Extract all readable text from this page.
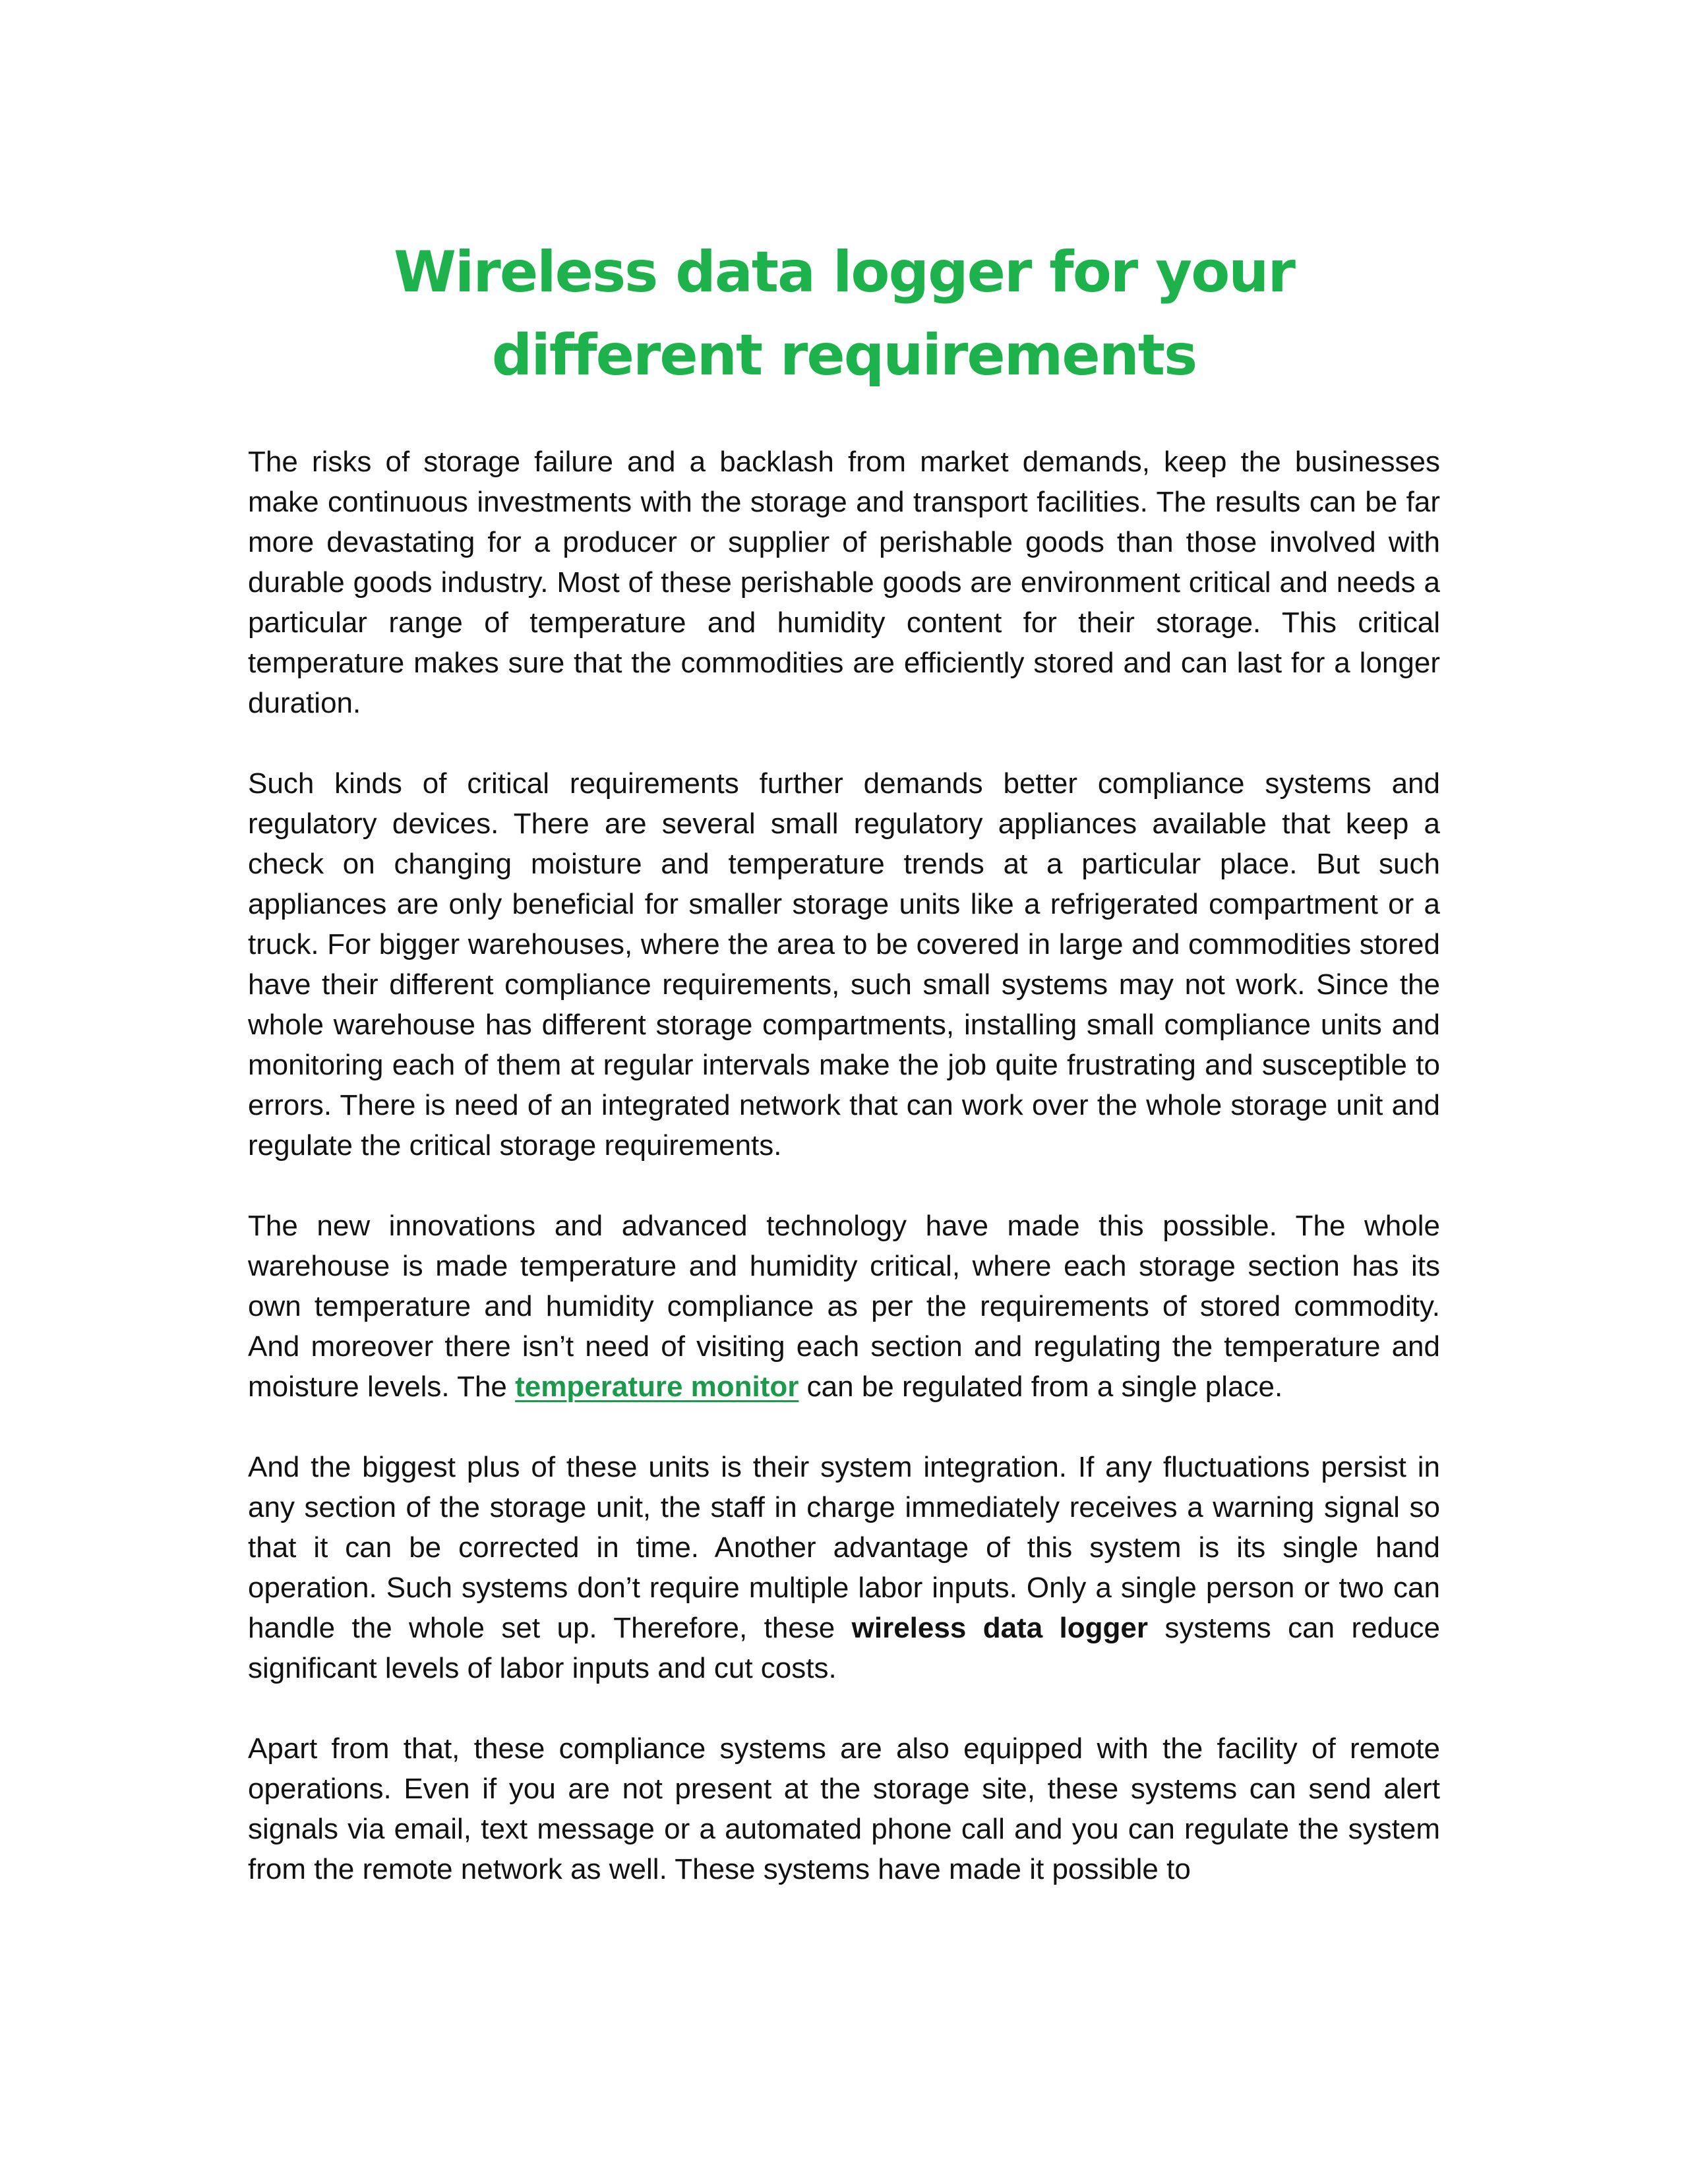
Wireless data logger for your different requirements

The risks of storage failure and a backlash from market demands, keep the businesses make continuous investments with the storage and transport facilities. The results can be far more devastating for a producer or supplier of perishable goods than those involved with durable goods industry. Most of these perishable goods are environment critical and needs a particular range of temperature and humidity content for their storage. This critical temperature makes sure that the commodities are efficiently stored and can last for a longer duration.

Such kinds of critical requirements further demands better compliance systems and regulatory devices. There are several small regulatory appliances available that keep a check on changing moisture and temperature trends at a particular place. But such appliances are only beneficial for smaller storage units like a refrigerated compartment or a truck. For bigger warehouses, where the area to be covered in large and commodities stored have their different compliance requirements, such small systems may not work. Since the whole warehouse has different storage compartments, installing small compliance units and monitoring each of them at regular intervals make the job quite frustrating and susceptible to errors. There is need of an integrated network that can work over the whole storage unit and regulate the critical storage requirements.

The new innovations and advanced technology have made this possible. The whole warehouse is made temperature and humidity critical, where each storage section has its own temperature and humidity compliance as per the requirements of stored commodity. And moreover there isn’t need of visiting each section and regulating the temperature and moisture levels. The temperature monitor can be regulated from a single place.

And the biggest plus of these units is their system integration. If any fluctuations persist in any section of the storage unit, the staff in charge immediately receives a warning signal so that it can be corrected in time. Another advantage of this system is its single hand operation. Such systems don’t require multiple labor inputs. Only a single person or two can handle the whole set up. Therefore, these wireless data logger systems can reduce significant levels of labor inputs and cut costs.

Apart from that, these compliance systems are also equipped with the facility of remote operations. Even if you are not present at the storage site, these systems can send alert signals via email, text message or a automated phone call and you can regulate the system from the remote network as well. These systems have made it possible to
